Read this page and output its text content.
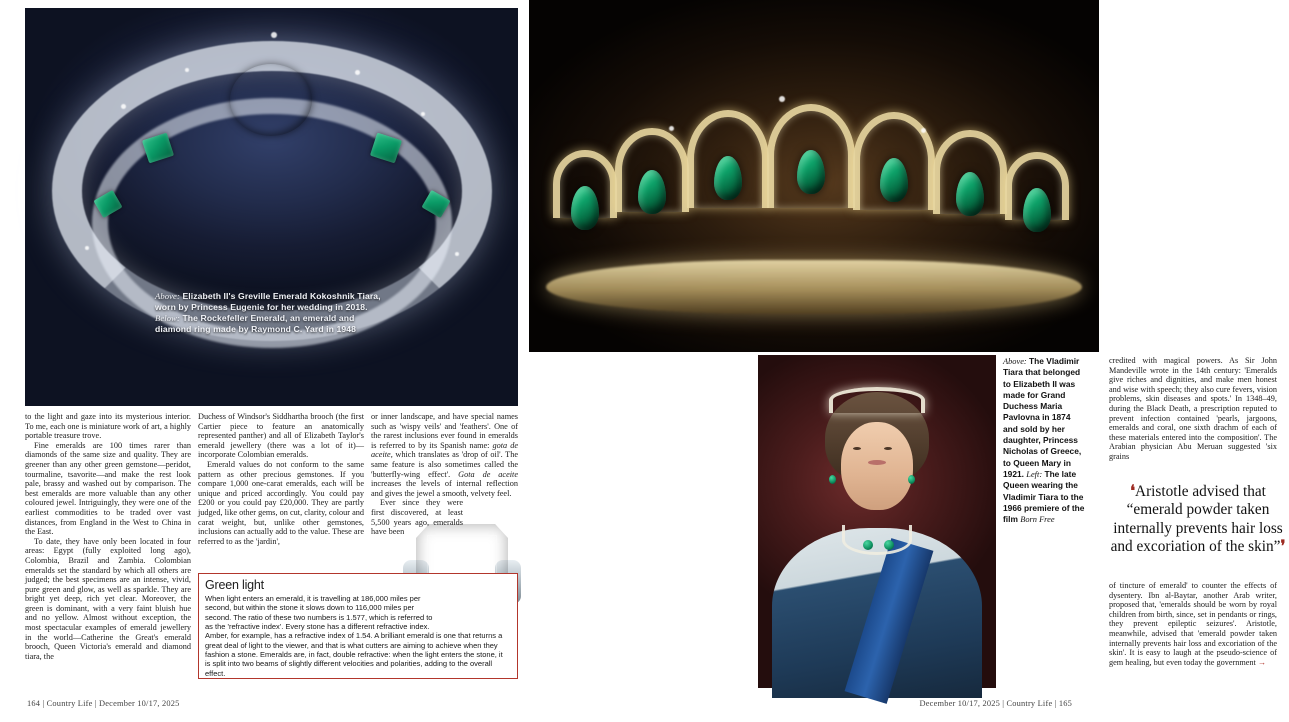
Above: Elizabeth II's Greville Emerald Kokoshnik Tiara, worn by Princess Eugenie for her wedding in 2018.
Below: The Rockefeller Emerald, an emerald and diamond ring made by Raymond C. Yard in 1948

to the light and gaze into its mysterious interior. To me, each one is miniature work of art, a highly portable treasure trove.

Fine emeralds are 100 times rarer than diamonds of the same size and quality. They are greener than any other green gemstone—peridot, tourmaline, tsavorite—and make the rest look pale, brassy and washed out by comparison. The best emeralds are more valuable than any other coloured jewel. Intriguingly, they were one of the earliest commodities to be traded over vast distances, from England in the West to China in the East.

To date, they have only been located in four areas: Egypt (fully exploited long ago), Colombia, Brazil and Zambia. Colombian emeralds set the standard by which all others are judged; the best specimens are an intense, vivid, pure green and glow, as well as sparkle. They are bright yet deep, rich yet clear. Moreover, the green is dominant, with a very faint bluish hue and no yellow. Almost without exception, the most spectacular examples of emerald jewellery in the world—Catherine the Great's emerald brooch, Queen Victoria's emerald and diamond tiara, the

Duchess of Windsor's Siddhartha brooch (the first Cartier piece to feature an anatomically represented panther) and all of Elizabeth Taylor's emerald jewellery (there was a lot of it)—incorporate Colombian emeralds.

Emerald values do not conform to the same pattern as other precious gemstones. If you compare 1,000 one-carat emeralds, each will be unique and priced accordingly. You could pay £200 or you could pay £20,000. They are partly judged, like other gems, on cut, clarity, colour and carat weight, but, unlike other gemstones, inclusions can actually add to the value. These are referred to as the 'jardin',

or inner landscape, and have special names such as 'wispy veils' and 'feathers'. One of the rarest inclusions ever found in emeralds is referred to by its Spanish name: gota de aceite, which translates as 'drop of oil'. The same feature is also sometimes called the 'butterfly-wing effect'. Gota de aceite increases the levels of internal reflection and gives the jewel a smooth, velvety feel.

Ever since they were first discovered, at least 5,500 years ago, emeralds have been

Green light

When light enters an emerald, it is travelling at 186,000 miles per second, but within the stone it slows down to 116,000 miles per second. The ratio of these two numbers is 1.577, which is referred to as the 'refractive index'. Every stone has a different refractive index. Amber, for example, has a refractive index of 1.54. A brilliant emerald is one that returns a great deal of light to the viewer, and that is what cutters are aiming to achieve when they fashion a stone. Emeralds are, in fact, double refractive: when the light enters the stone, it is split into two beams of slightly different velocities and polarities, adding to the overall effect.

164 | Country Life | December 10/17, 2025

credited with magical powers. As Sir John Mandeville wrote in the 14th century: 'Emeralds give riches and dignities, and make men honest and wise with speech; they also cure fevers, vision problems, skin diseases and spots.' In 1348–49, during the Black Death, a prescription reputed to prevent infection contained 'pearls, jargoons, emeralds and coral, one sixth drachm of each of these materials entered into the composition'. The Arabian physician Abu Meruan suggested 'six grains

❛Aristotle advised that “emerald powder taken internally prevents hair loss and excoriation of the skin”❜

of tincture of emerald' to counter the effects of dysentery. Ibn al-Baytar, another Arab writer, proposed that, 'emeralds should be worn by royal children from birth, since, set in pendants or rings, they prevent epileptic seizures'. Aristotle, meanwhile, advised that 'emerald powder taken internally prevents hair loss and excoriation of the skin'. It is easy to laugh at the pseudo-science of gem healing, but even today the government →

December 10/17, 2025 | Country Life | 165
Above: The Vladimir Tiara that belonged to Elizabeth II was made for Grand Duchess Maria Pavlovna in 1874 and sold by her daughter, Princess Nicholas of Greece, to Queen Mary in 1921. Left: The late Queen wearing the Vladimir Tiara to the 1966 premiere of the film Born Free
